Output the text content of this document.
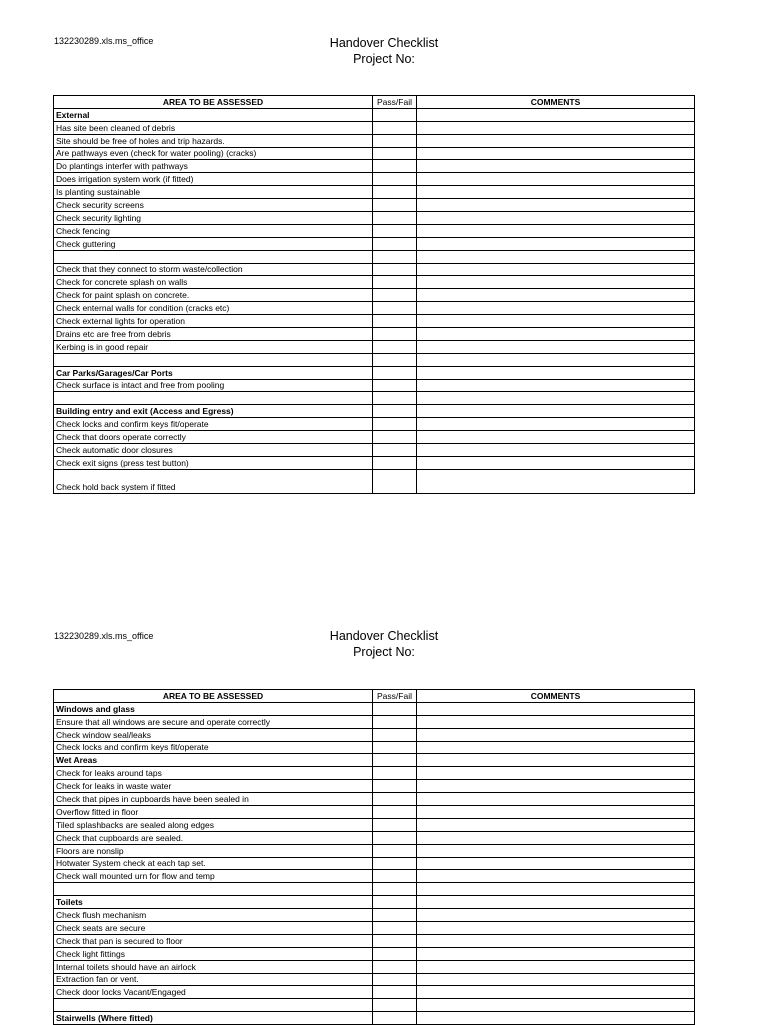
132230289.xls.ms_office	Handover Checklist
Project No:
AREA TO BE ASSESSED	Pass/Fail	COMMENTS
External		
Has site been cleaned of debris		
Site should be free of holes and trip hazards.		
Are pathways even (check for water pooling) (cracks)		
Do plantings interfer with pathways		
Does irrigation system work (if fitted)		
Is planting sustainable		
Check security screens		
Check security lighting		
Check fencing		
Check guttering		

Check that they connect to storm waste/collection		
Check for concrete splash on walls		
Check for paint splash on concrete.		
Check enternal walls for condition (cracks etc)		
Check external lights for operation		
Drains etc are free from debris		
Kerbing is in good repair		

Car Parks/Garages/Car Ports		
Check surface is intact and free from pooling		

Building entry and exit (Access and Egress)		
Check locks and confirm keys fit/operate		
Check that doors operate correctly		
Check automatic door closures		
Check exit signs (press test button)		
Check hold back system if fitted		
132230289.xls.ms_office	Handover Checklist
Project No:
AREA TO BE ASSESSED	Pass/Fail	COMMENTS
Windows and glass		
Ensure that all windows are secure and operate correctly		
Check window seal/leaks		
Check locks and confirm keys fit/operate		
Wet Areas		
Check for leaks around taps		
Check for leaks in waste water		
Check that pipes in cupboards have been sealed in		
Overflow fitted in floor		
Tiled splashbacks are sealed along edges		
Check that cupboards are sealed.		
Floors are nonslip		
Hotwater System check at each tap set.		
Check wall mounted urn for flow and temp		

Toilets		
Check flush mechanism		
Check seats are secure		
Check that pan is secured to floor		
Check light fittings		
Internal toilets should have an airlock		
Extraction fan or vent.		
Check door locks Vacant/Engaged		

Stairwells (Where fitted)		
